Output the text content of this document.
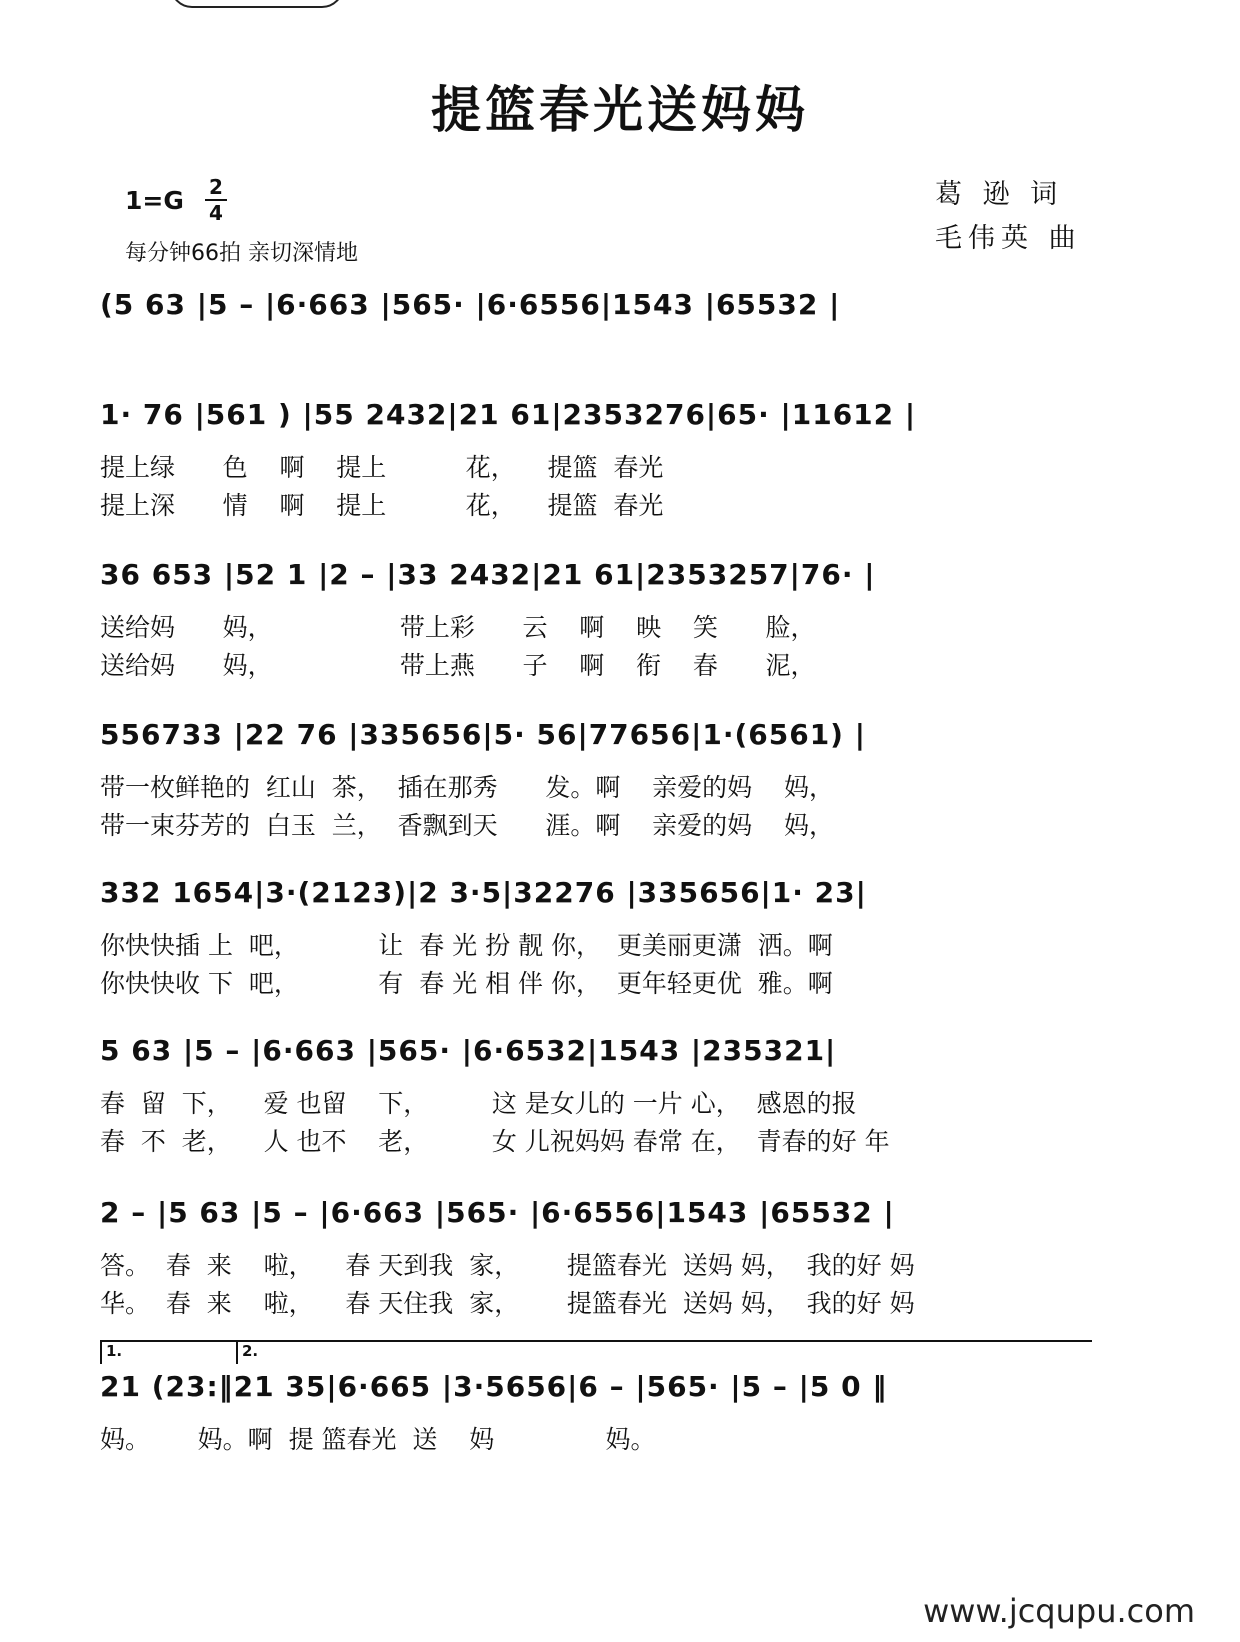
提篮春光送妈妈
1=G 2
4
每分钟66拍 亲切深情地
葛 逊 词
毛伟英 曲
(5 63 |5 – |6·663 |565· |6·6556|1543 |65532 |
1· 76 |561 ) |55 2432|21 61|2353276|65· |11612 |
提上绿      色    啊    提上          花，    提篮  春光
提上深      情    啊    提上          花，    提篮  春光
36 653 |52 1 |2 – |33 2432|21 61|2353257|76· |
送给妈      妈，                带上彩      云    啊    映    笑      脸，
送给妈      妈，                带上燕      子    啊    衔    春      泥，
556733 |22 76 |335656|5· 56|77656|1·(6561) |
带一枚鲜艳的  红山  茶，  插在那秀      发。啊    亲爱的妈    妈，
带一束芬芳的  白玉  兰，  香飘到天      涯。啊    亲爱的妈    妈，
332 1654|3·(2123)|2 3·5|32276 |335656|1· 23|
你快快插 上  吧，          让  春 光 扮 靓 你，  更美丽更潇  洒。啊
你快快收 下  吧，          有  春 光 相 伴 你，  更年轻更优  雅。啊
5 63 |5 – |6·663 |565· |6·6532|1543 |235321|
春  留  下，    爱 也留    下，        这 是女儿的 一片 心，  感恩的报
春  不  老，    人 也不    老，        女 儿祝妈妈 春常 在，  青春的好 年
2 – |5 63 |5 – |6·663 |565· |6·6556|1543 |65532 |
答。  春  来    啦，    春 天到我  家，      提篮春光  送妈 妈，  我的好 妈
华。  春  来    啦，    春 天住我  家，      提篮春光  送妈 妈，  我的好 妈
1.	2.
21 (23:‖21 35|6·665 |3·5656|6 – |565· |5 – |5 0 ‖
妈。      妈。啊  提 篮春光  送    妈              妈。
www.jcqupu.com
